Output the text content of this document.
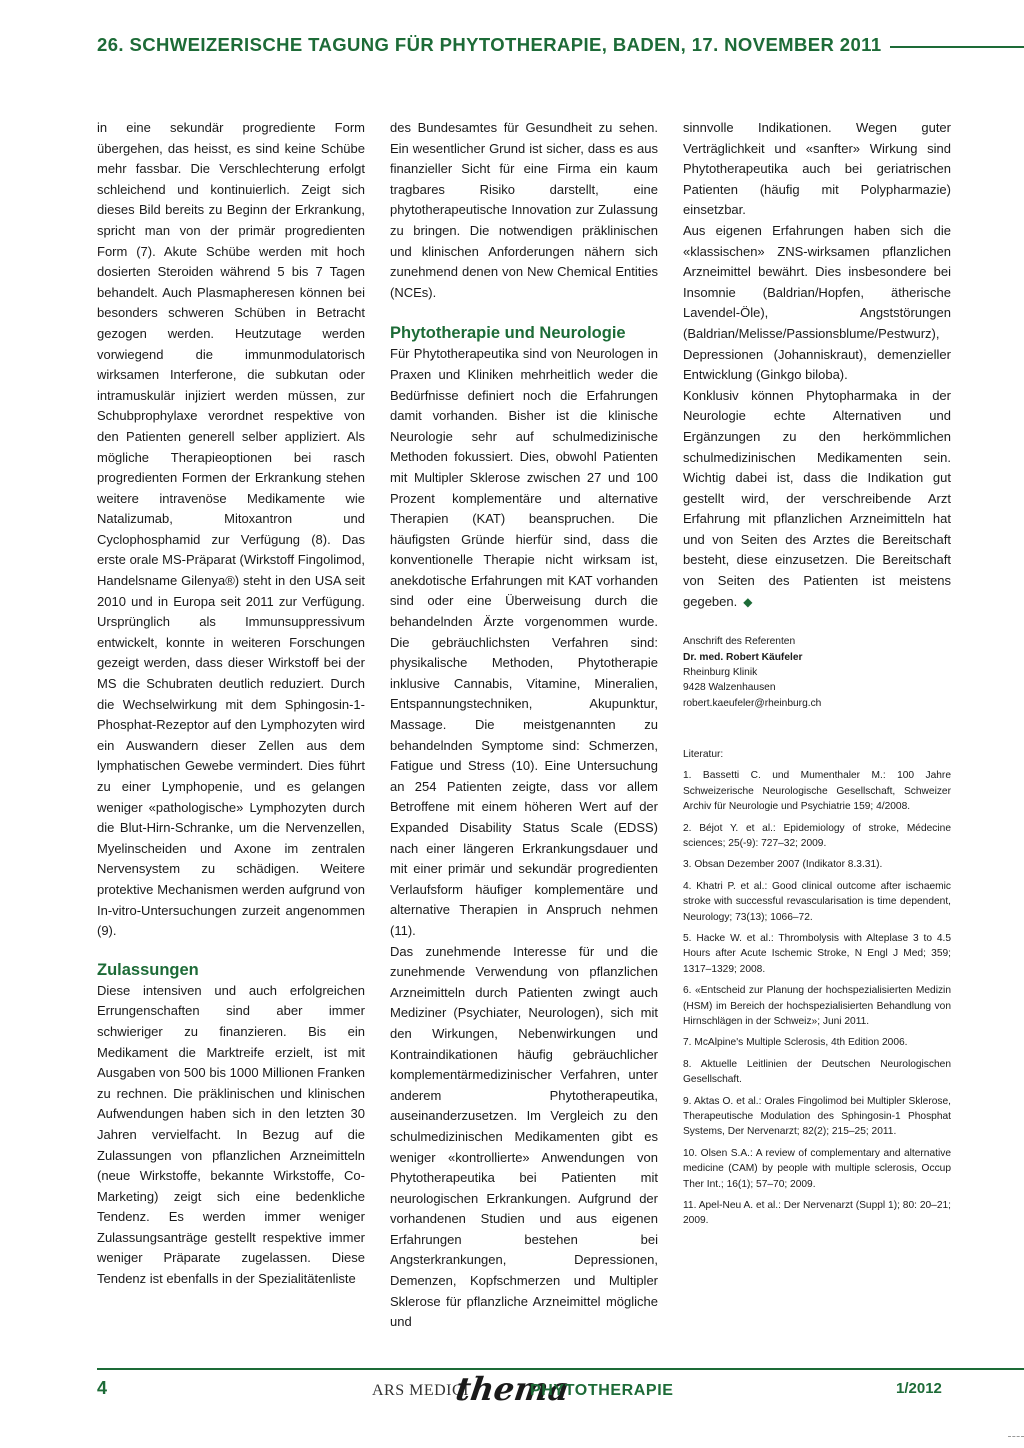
26. SCHWEIZERISCHE TAGUNG FÜR PHYTOTHERAPIE, BADEN, 17. NOVEMBER 2011

in eine sekundär progrediente Form übergehen, das heisst, es sind keine Schübe mehr fassbar. Die Verschlechterung erfolgt schleichend und kontinuierlich. Zeigt sich dieses Bild bereits zu Beginn der Erkrankung, spricht man von der primär progredienten Form (7). Akute Schübe werden mit hoch dosierten Steroiden während 5 bis 7 Tagen behandelt. Auch Plasmapheresen können bei besonders schweren Schüben in Betracht gezogen werden. Heutzutage werden vorwiegend die immunmodulatorisch wirksamen Interferone, die subkutan oder intramuskulär injiziert werden müssen, zur Schubprophylaxe verordnet respektive von den Patienten generell selber appliziert. Als mögliche Therapieoptionen bei rasch progredienten Formen der Erkrankung stehen weitere intravenöse Medikamente wie Natalizumab, Mitoxantron und Cyclophosphamid zur Verfügung (8). Das erste orale MS-Präparat (Wirkstoff Fingolimod, Handelsname Gilenya®) steht in den USA seit 2010 und in Europa seit 2011 zur Verfügung. Ursprünglich als Immunsuppressivum entwickelt, konnte in weiteren Forschungen gezeigt werden, dass dieser Wirkstoff bei der MS die Schubraten deutlich reduziert. Durch die Wechselwirkung mit dem Sphingosin-1-Phosphat-Rezeptor auf den Lymphozyten wird ein Auswandern dieser Zellen aus dem lymphatischen Gewebe vermindert. Dies führt zu einer Lymphopenie, und es gelangen weniger «pathologische» Lymphozyten durch die Blut-Hirn-Schranke, um die Nervenzellen, Myelinscheiden und Axone im zentralen Nervensystem zu schädigen. Weitere protektive Mechanismen werden aufgrund von In-vitro-Untersuchungen zurzeit angenommen (9).

Zulassungen

Diese intensiven und auch erfolgreichen Errungenschaften sind aber immer schwieriger zu finanzieren. Bis ein Medikament die Marktreife erzielt, ist mit Ausgaben von 500 bis 1000 Millionen Franken zu rechnen. Die präklinischen und klinischen Aufwendungen haben sich in den letzten 30 Jahren vervielfacht. In Bezug auf die Zulassungen von pflanzlichen Arzneimitteln (neue Wirkstoffe, bekannte Wirkstoffe, Co-Marketing) zeigt sich eine bedenkliche Tendenz. Es werden immer weniger Zulassungsanträge gestellt respektive immer weniger Präparate zugelassen. Diese Tendenz ist ebenfalls in der Spezialitätenliste

des Bundesamtes für Gesundheit zu sehen. Ein wesentlicher Grund ist sicher, dass es aus finanzieller Sicht für eine Firma ein kaum tragbares Risiko darstellt, eine phytotherapeutische Innovation zur Zulassung zu bringen. Die notwendigen präklinischen und klinischen Anforderungen nähern sich zunehmend denen von New Chemical Entities (NCEs).

Phytotherapie und Neurologie

Für Phytotherapeutika sind von Neurologen in Praxen und Kliniken mehrheitlich weder die Bedürfnisse definiert noch die Erfahrungen damit vorhanden. Bisher ist die klinische Neurologie sehr auf schulmedizinische Methoden fokussiert. Dies, obwohl Patienten mit Multipler Sklerose zwischen 27 und 100 Prozent komplementäre und alternative Therapien (KAT) beanspruchen. Die häufigsten Gründe hierfür sind, dass die konventionelle Therapie nicht wirksam ist, anekdotische Erfahrungen mit KAT vorhanden sind oder eine Überweisung durch die behandelnden Ärzte vorgenommen wurde. Die gebräuchlichsten Verfahren sind: physikalische Methoden, Phytotherapie inklusive Cannabis, Vitamine, Mineralien, Entspannungstechniken, Akupunktur, Massage. Die meistgenannten zu behandelnden Symptome sind: Schmerzen, Fatigue und Stress (10). Eine Untersuchung an 254 Patienten zeigte, dass vor allem Betroffene mit einem höheren Wert auf der Expanded Disability Status Scale (EDSS) nach einer längeren Erkrankungsdauer und mit einer primär und sekundär progredienten Verlaufsform häufiger komplementäre und alternative Therapien in Anspruch nehmen (11).

Das zunehmende Interesse für und die zunehmende Verwendung von pflanzlichen Arzneimitteln durch Patienten zwingt auch Mediziner (Psychiater, Neurologen), sich mit den Wirkungen, Nebenwirkungen und Kontraindikationen häufig gebräuchlicher komplementärmedizinischer Verfahren, unter anderem Phytotherapeutika, auseinanderzusetzen. Im Vergleich zu den schulmedizinischen Medikamenten gibt es weniger «kontrollierte» Anwendungen von Phytotherapeutika bei Patienten mit neurologischen Erkrankungen. Aufgrund der vorhandenen Studien und aus eigenen Erfahrungen bestehen bei Angsterkrankungen, Depressionen, Demenzen, Kopfschmerzen und Multipler Sklerose für pflanzliche Arzneimittel mögliche und

sinnvolle Indikationen. Wegen guter Verträglichkeit und «sanfter» Wirkung sind Phytotherapeutika auch bei geriatrischen Patienten (häufig mit Polypharmazie) einsetzbar.

Aus eigenen Erfahrungen haben sich die «klassischen» ZNS-wirksamen pflanzlichen Arzneimittel bewährt. Dies insbesondere bei Insomnie (Baldrian/Hopfen, ätherische Lavendel-Öle), Angststörungen (Baldrian/Melisse/Passionsblume/Pestwurz), Depressionen (Johanniskraut), demenzieller Entwicklung (Ginkgo biloba).

Konklusiv können Phytopharmaka in der Neurologie echte Alternativen und Ergänzungen zu den herkömmlichen schulmedizinischen Medikamenten sein. Wichtig dabei ist, dass die Indikation gut gestellt wird, der verschreibende Arzt Erfahrung mit pflanzlichen Arzneimitteln hat und von Seiten des Arztes die Bereitschaft besteht, diese einzusetzen. Die Bereitschaft von Seiten des Patienten ist meistens gegeben. ◆

Anschrift des Referenten
Dr. med. Robert Käufeler
Rheinburg Klinik
9428 Walzenhausen
robert.kaeufeler@rheinburg.ch
Literatur:
1. Bassetti C. und Mumenthaler M.: 100 Jahre Schweizerische Neurologische Gesellschaft, Schweizer Archiv für Neurologie und Psychiatrie 159; 4/2008.
2. Béjot Y. et al.: Epidemiology of stroke, Médecine sciences; 25(-9): 727–32; 2009.
3. Obsan Dezember 2007 (Indikator 8.3.31).
4. Khatri P. et al.: Good clinical outcome after ischaemic stroke with successful revascularisation is time dependent, Neurology; 73(13); 1066–72.
5. Hacke W. et al.: Thrombolysis with Alteplase 3 to 4.5 Hours after Acute Ischemic Stroke, N Engl J Med; 359; 1317–1329; 2008.
6. «Entscheid zur Planung der hochspezialisierten Medizin (HSM) im Bereich der hochspezialisierten Behandlung von Hirnschlägen in der Schweiz»; Juni 2011.
7. McAlpine's Multiple Sclerosis, 4th Edition 2006.
8. Aktuelle Leitlinien der Deutschen Neurologischen Gesellschaft.
9. Aktas O. et al.: Orales Fingolimod bei Multipler Sklerose, Therapeutische Modulation des Sphingosin-1 Phosphat Systems, Der Nervenarzt; 82(2); 215–25; 2011.
10. Olsen S.A.: A review of complementary and alternative medicine (CAM) by people with multiple sclerosis, Occup Ther Int.; 16(1); 57–70; 2009.
11. Apel-Neu A. et al.: Der Nervenarzt (Suppl 1); 80: 20–21; 2009.
4	ARS MEDICI
thema
PHYTOTHERAPIE	1/2012
